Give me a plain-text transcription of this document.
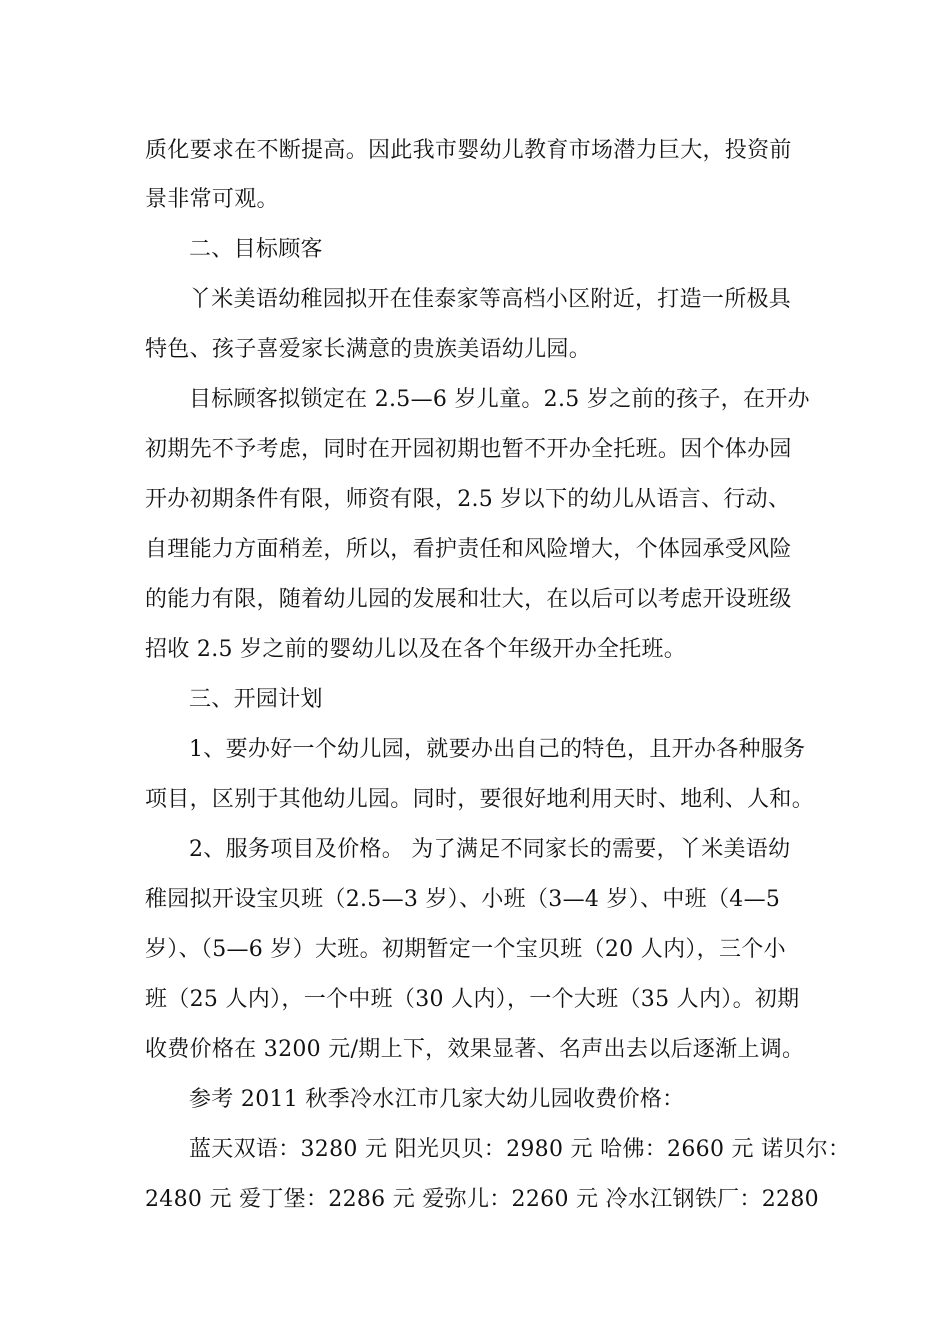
质化要求在不断提高。因此我市婴幼儿教育市场潜力巨大，投资前
景非常可观。
二、目标顾客
丫米美语幼稚园拟开在佳泰家等高档小区附近，打造一所极具
特色、孩子喜爱家长满意的贵族美语幼儿园。
目标顾客拟锁定在 2.5—6 岁儿童。2.5 岁之前的孩子，在开办
初期先不予考虑，同时在开园初期也暂不开办全托班。因个体办园
开办初期条件有限，师资有限，2.5 岁以下的幼儿从语言、行动、
自理能力方面稍差，所以，看护责任和风险增大，个体园承受风险
的能力有限，随着幼儿园的发展和壮大，在以后可以考虑开设班级
招收 2.5 岁之前的婴幼儿以及在各个年级开办全托班。
三、开园计划
1、要办好一个幼儿园，就要办出自己的特色，且开办各种服务
项目，区别于其他幼儿园。同时，要很好地利用天时、地利、人和。
2、服务项目及价格。 为了满足不同家长的需要，丫米美语幼
稚园拟开设宝贝班（2.5—3 岁）、小班（3—4 岁）、中班（4—5
岁）、（5—6 岁）大班。初期暂定一个宝贝班（20 人内），三个小
班（25 人内），一个中班（30 人内），一个大班（35 人内）。初期
收费价格在 3200 元/期上下，效果显著、名声出去以后逐渐上调。
参考 2011 秋季冷水江市几家大幼儿园收费价格：
蓝天双语：3280 元 阳光贝贝：2980 元 哈佛：2660 元 诺贝尔：
2480 元 爱丁堡：2286 元 爱弥儿：2260 元 冷水江钢铁厂：2280
